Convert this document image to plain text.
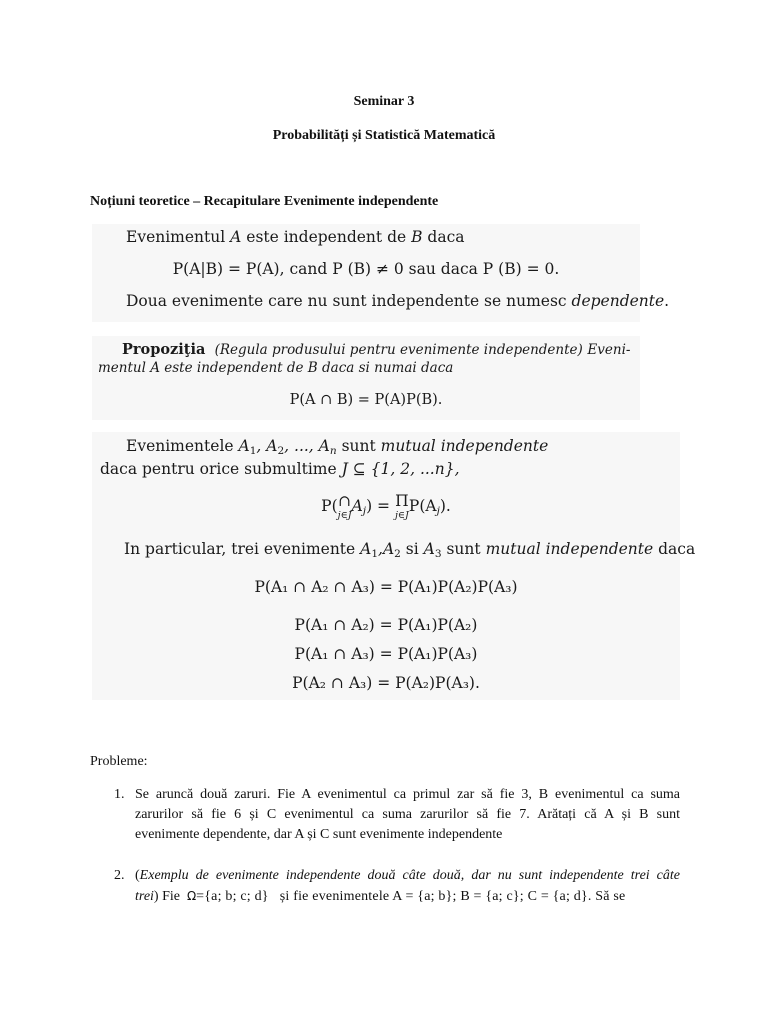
Seminar 3
Probabilități și Statistică Matematică
Noțiuni teoretice – Recapitulare Evenimente independente
Evenimentul A este independent de B daca
P(A|B) = P(A), cand P (B) ≠ 0 sau daca P (B) = 0.
Doua evenimente care nu sunt independente se numesc dependente.
Propoziţia (Regula produsului pentru evenimente independente) Eveni-
mentul A este independent de B daca si numai daca
P(A ∩ B) = P(A)P(B).
Evenimentele $A_1$, $A_2$, ..., $A_n$ sunt mutual independente
daca pentru orice submultime J ⊆ {1, 2, ...n},
P( ∩
j∈J $A_j) = \Pi$
j∈J $P(A_j)$.
In particular, trei evenimente $A_1,A_2$ si $A_3$ sunt mutual independente daca
P(A₁ ∩ A₂ ∩ A₃) = P(A₁)P(A₂)P(A₃)
P(A₁ ∩ A₂) = P(A₁)P(A₂)
P(A₁ ∩ A₃) = P(A₁)P(A₃)
P(A₂ ∩ A₃) = P(A₂)P(A₃).
Probleme:
1. Se aruncă două zaruri. Fie A evenimentul ca primul zar să fie 3, B evenimentul ca suma
zarurilor să fie 6 și C evenimentul ca suma zarurilor să fie 7. Arătați că A și B sunt
evenimente dependente, dar A și C sunt evenimente independente
2. (Exemplu de evenimente independente două câte două, dar nu sunt independente trei câte
trei) Fie  Ω={a; b; c; d}   și fie evenimentele A = {a; b}; B = {a; c}; C = {a; d}. Să se
